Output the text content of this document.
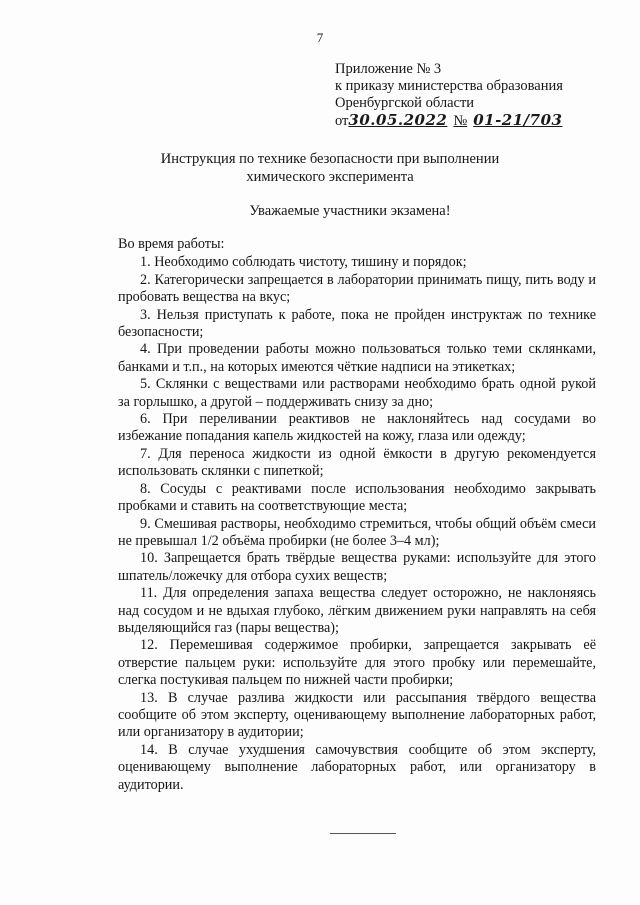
7
Приложение № 3
к приказу министерства образования
Оренбургской области
от 30.05.2022 № 01-21/703
Инструкция по технике безопасности при выполнении химического эксперимента
Уважаемые участники экзамена!

Во время работы:

1. Необходимо соблюдать чистоту, тишину и порядок;

2. Категорически запрещается в лаборатории принимать пищу, пить воду и пробовать вещества на вкус;

3. Нельзя приступать к работе, пока не пройден инструктаж по технике безопасности;

4. При проведении работы можно пользоваться только теми склянками, банками и т.п., на которых имеются чёткие надписи на этикетках;

5. Склянки с веществами или растворами необходимо брать одной рукой за горлышко, а другой – поддерживать снизу за дно;

6. При переливании реактивов не наклоняйтесь над сосудами во избежание попадания капель жидкостей на кожу, глаза или одежду;

7. Для переноса жидкости из одной ёмкости в другую рекомендуется использовать склянки с пипеткой;

8. Сосуды с реактивами после использования необходимо закрывать пробками и ставить на соответствующие места;

9. Смешивая растворы, необходимо стремиться, чтобы общий объём смеси не превышал 1/2 объёма пробирки (не более 3–4 мл);

10. Запрещается брать твёрдые вещества руками: используйте для этого шпатель/ложечку для отбора сухих веществ;

11. Для определения запаха вещества следует осторожно, не наклоняясь над сосудом и не вдыхая глубоко, лёгким движением руки направлять на себя выделяющийся газ (пары вещества);

12. Перемешивая содержимое пробирки, запрещается закрывать её отверстие пальцем руки: используйте для этого пробку или перемешайте, слегка постукивая пальцем по нижней части пробирки;

13. В случае разлива жидкости или рассыпания твёрдого вещества сообщите об этом эксперту, оценивающему выполнение лабораторных работ, или организатору в аудитории;

14. В случае ухудшения самочувствия сообщите об этом эксперту, оценивающему выполнение лабораторных работ, или организатору в аудитории.
